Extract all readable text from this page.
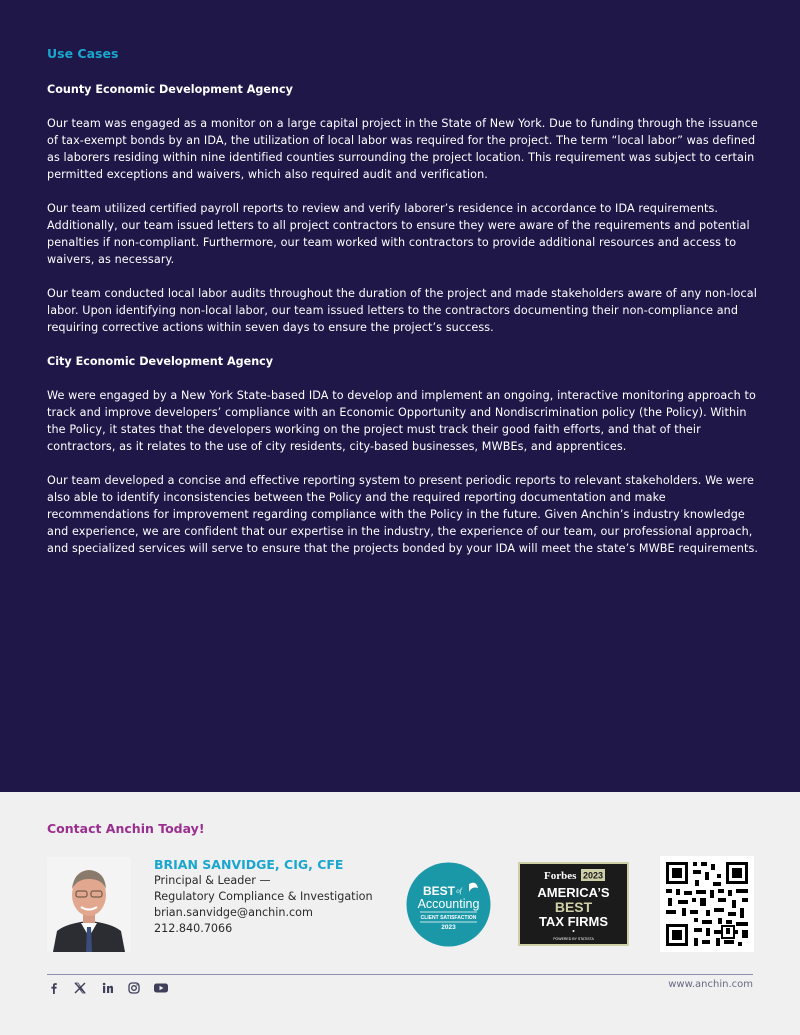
Use Cases
County Economic Development Agency

Our team was engaged as a monitor on a large capital project in the State of New York. Due to funding through the issuance of tax-exempt bonds by an IDA, the utilization of local labor was required for the project. The term “local labor” was defined as laborers residing within nine identified counties surrounding the project location. This requirement was subject to certain permitted exceptions and waivers, which also required audit and verification.

Our team utilized certified payroll reports to review and verify laborer’s residence in accordance to IDA requirements. Additionally, our team issued letters to all project contractors to ensure they were aware of the requirements and potential penalties if non-compliant. Furthermore, our team worked with contractors to provide additional resources and access to waivers, as necessary.

Our team conducted local labor audits throughout the duration of the project and made stakeholders aware of any non-local labor. Upon identifying non-local labor, our team issued letters to the contractors documenting their non-compliance and requiring corrective actions within seven days to ensure the project’s success.

City Economic Development Agency

We were engaged by a New York State-based IDA to develop and implement an ongoing, interactive monitoring approach to track and improve developers’ compliance with an Economic Opportunity and Nondiscrimination policy (the Policy). Within the Policy, it states that the developers working on the project must track their good faith efforts, and that of their contractors, as it relates to the use of city residents, city-based businesses, MWBEs, and apprentices.

Our team developed a concise and effective reporting system to present periodic reports to relevant stakeholders. We were also able to identify inconsistencies between the Policy and the required reporting documentation and make recommendations for improvement regarding compliance with the Policy in the future. Given Anchin’s industry knowledge and experience, we are confident that our expertise in the industry, the experience of our team, our professional approach, and specialized services will serve to ensure that the projects bonded by your IDA will meet the state’s MWBE requirements.

Contact Anchin Today!
BRIAN SANVIDGE, CIG, CFE
Principal & Leader —
Regulatory Compliance & Investigation
brian.sanvidge@anchin.com
212.840.7066
BEST of
Accounting
CLIENT SATISFACTION
2023
Forbes 2023
AMERICA’S
BEST
TAX FIRMS
POWERED BY STATISTA
www.anchin.com
